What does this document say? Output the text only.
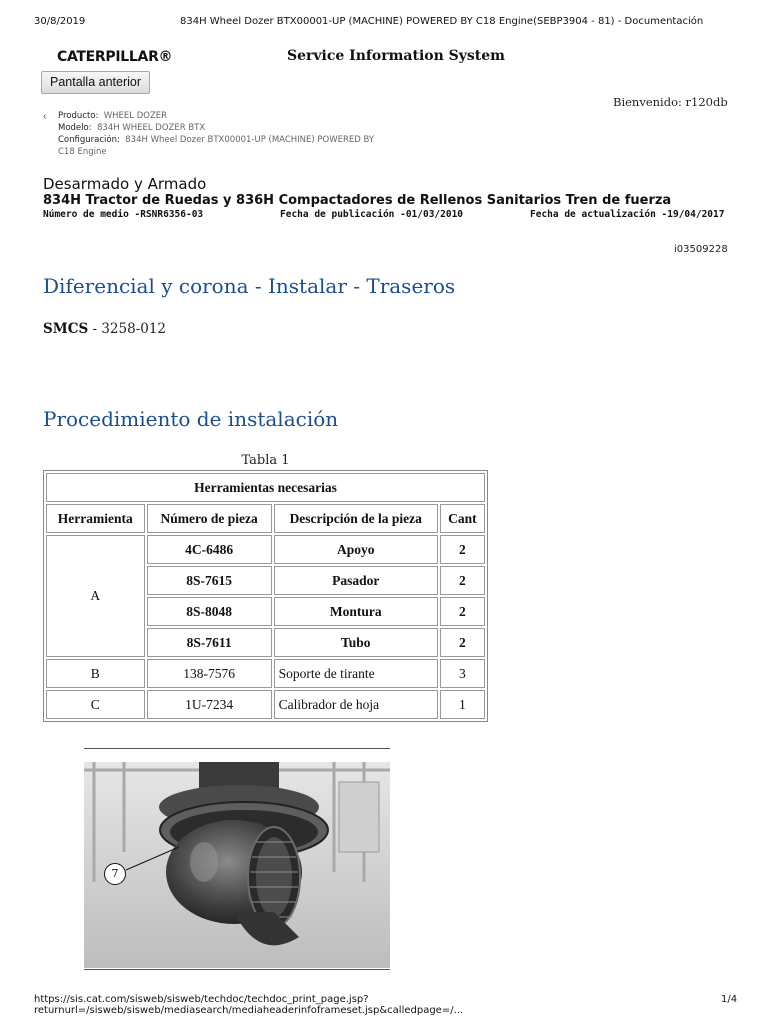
30/8/2019	834H Wheel Dozer BTX00001-UP (MACHINE) POWERED BY C18 Engine(SEBP3904 - 81) - Documentación
CATERPILLAR®	Service Information System
Pantalla anterior
Bienvenido: r120db
‹ Producto: WHEEL DOZER
Modelo: 834H WHEEL DOZER BTX
Configuración: 834H Wheel Dozer BTX00001-UP (MACHINE) POWERED BY
C18 Engine
Desarmado y Armado
834H Tractor de Ruedas y 836H Compactadores de Rellenos Sanitarios Tren de fuerza
Número de medio -RSNR6356-03	Fecha de publicación -01/03/2010	Fecha de actualización -19/04/2017
i03509228
Diferencial y corona - Instalar - Traseros
SMCS - 3258-012
Procedimiento de instalación
Tabla 1
Herramientas necesarias			
Herramienta	Número de pieza	Descripción de la pieza	Cant
A	4C-6486	Apoyo	2
	8S-7615	Pasador	2
	8S-8048	Montura	2
	8S-7611	Tubo	2
B	138-7576	Soporte de tirante	3
C	1U-7234	Calibrador de hoja	1
7
https://sis.cat.com/sisweb/sisweb/techdoc/techdoc_print_page.jsp?returnurl=/sisweb/sisweb/mediasearch/mediaheaderinfoframeset.jsp&calledpage=/...
1/4
